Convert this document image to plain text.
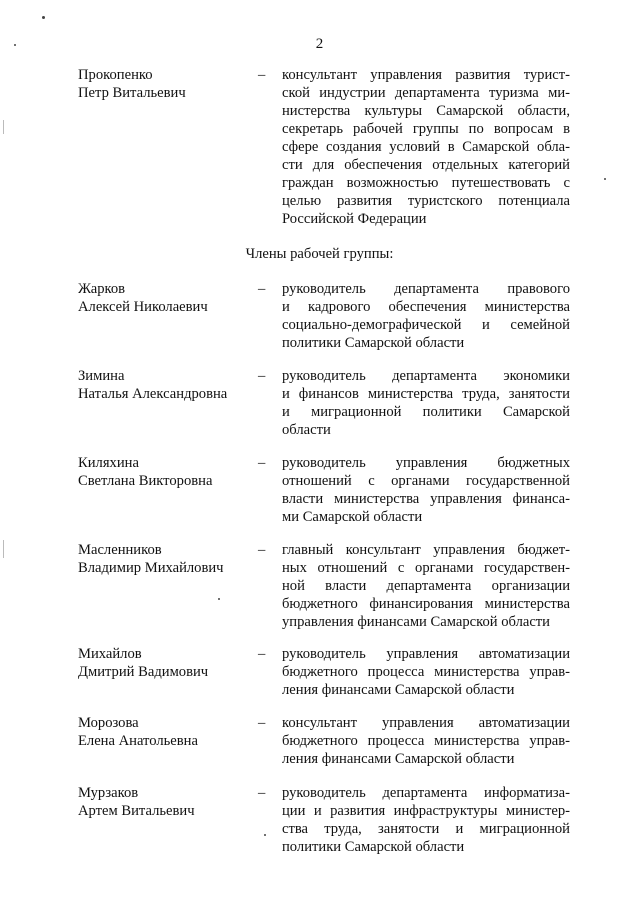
2
Прокопенко
Петр Витальевич
– консультант управления развития турист-
ской индустрии департамента туризма ми-
нистерства культуры Самарской области,
секретарь рабочей группы по вопросам в
сфере создания условий в Самарской обла-
сти для обеспечения отдельных категорий
граждан возможностью путешествовать с
целью развития туристского потенциала
Российской Федерации
Члены рабочей группы:
Жарков
Алексей Николаевич
– руководитель департамента правового
и кадрового обеспечения министерства
социально-демографической и семейной
политики Самарской области
Зимина
Наталья Александровна
– руководитель департамента экономики
и финансов министерства труда, занятости
и миграционной политики Самарской
области
Киляхина
Светлана Викторовна
– руководитель управления бюджетных
отношений с органами государственной
власти министерства управления финанса-
ми Самарской области
Масленников
Владимир Михайлович
– главный консультант управления бюджет-
ных отношений с органами государствен-
ной власти департамента организации
бюджетного финансирования министерства
управления финансами Самарской области
Михайлов
Дмитрий Вадимович
– руководитель управления автоматизации
бюджетного процесса министерства управ-
ления финансами Самарской области
Морозова
Елена Анатольевна
– консультант управления автоматизации
бюджетного процесса министерства управ-
ления финансами Самарской области
Мурзаков
Артем Витальевич
– руководитель департамента информатиза-
ции и развития инфраструктуры министер-
ства труда, занятости и миграционной
политики Самарской области
